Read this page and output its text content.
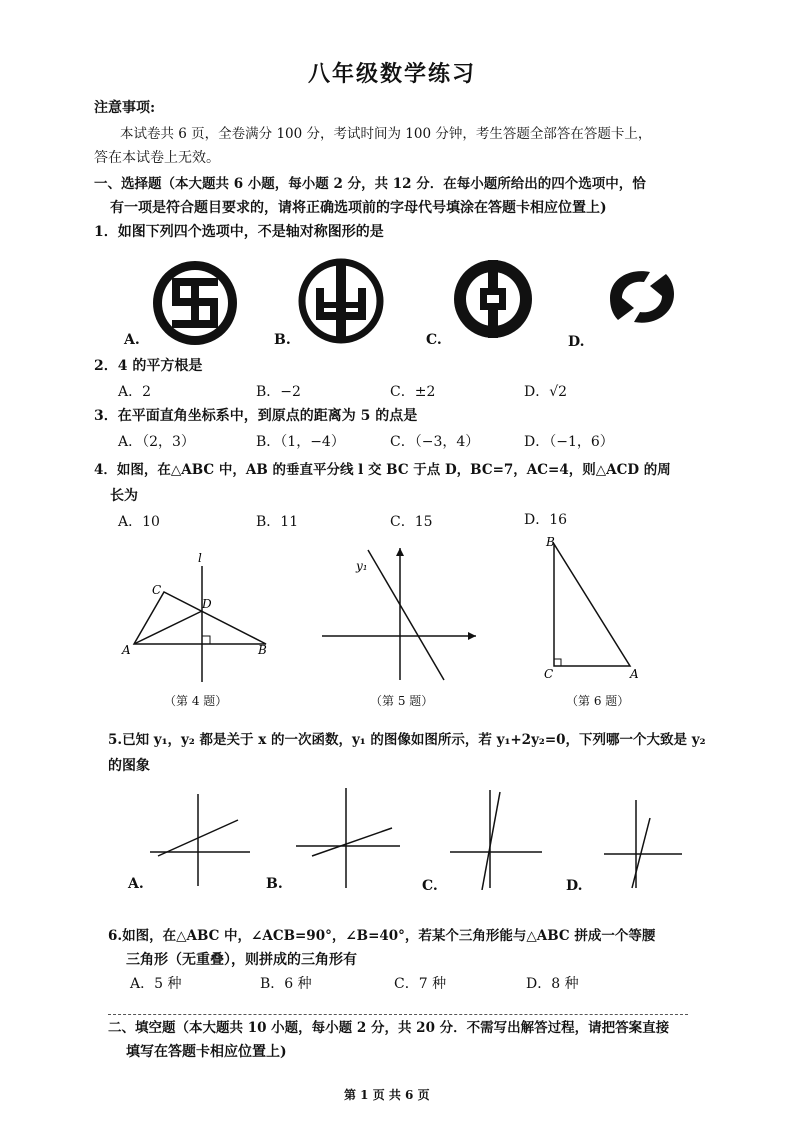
八年级数学练习
注意事项:
本试卷共 6 页，全卷满分 100 分，考试时间为 100 分钟，考生答题全部答在答题卡上，
答在本试卷上无效。
一、选择题（本大题共 6 小题，每小题 2 分，共 12 分．在每小题所给出的四个选项中，恰
有一项是符合题目要求的，请将正确选项前的字母代号填涂在答题卡相应位置上)
1．如图下列四个选项中，不是轴对称图形的是
A.	B.	C.	D.
2．4 的平方根是
A．2	B．−2	C．±2	D．√2
3．在平面直角坐标系中，到原点的距离为 5 的点是
A．（2，3）	B．（1，−4）	C．（−3，4）	D．（−1，6）
4．如图，在△ABC 中，AB 的垂直平分线 l 交 BC 于点 D，BC=7，AC=4，则△ACD 的周
长为
A．10	B．11	C．15	D．16
l
C
D
A	B
（第 4 题）
y₁
（第 5 题）
B
C	A
（第 6 题）
5.已知 y₁，y₂ 都是关于 x 的一次函数，y₁ 的图像如图所示，若 y₁+2y₂=0，下列哪一个大致是 y₂
的图象
A.	B.	C.	D.
6.如图，在△ABC 中，∠ACB=90°，∠B=40°，若某个三角形能与△ABC 拼成一个等腰
三角形（无重叠），则拼成的三角形有
A．5 种	B．6 种	C．7 种	D．8 种
二、填空题（本大题共 10 小题，每小题 2 分，共 20 分．不需写出解答过程，请把答案直接
填写在答题卡相应位置上)
第 1 页 共 6 页
